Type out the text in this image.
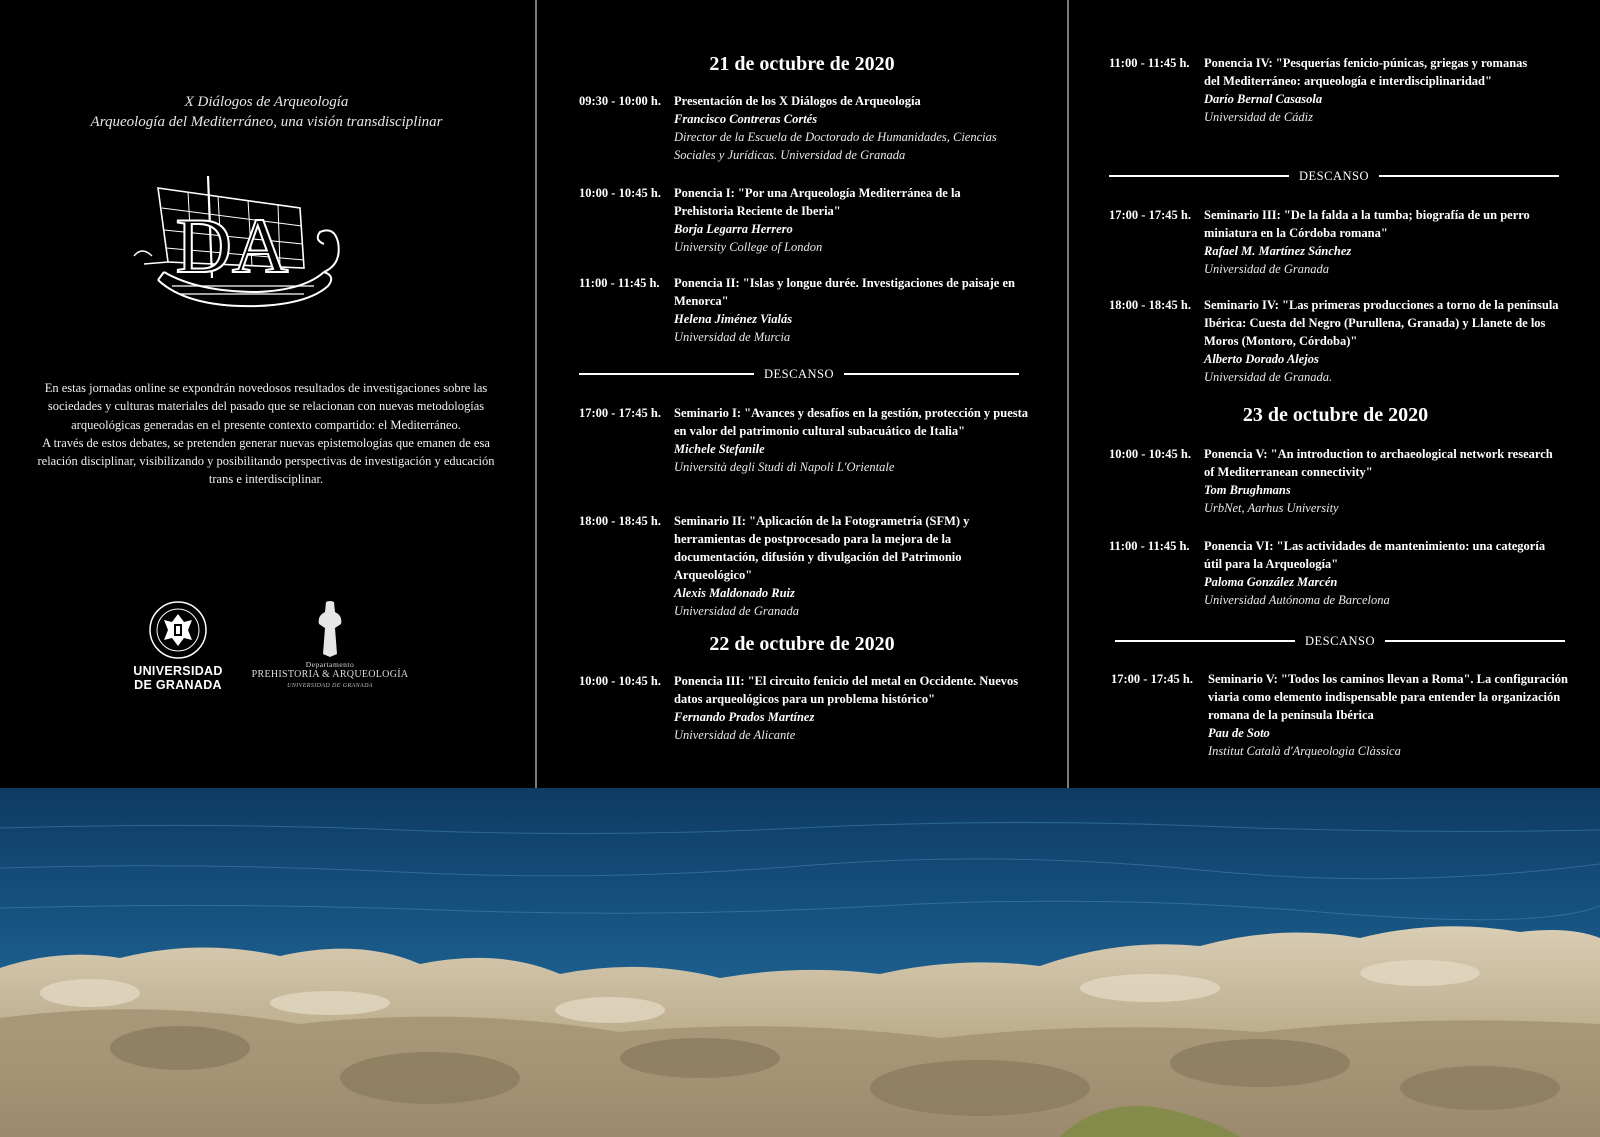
X Diálogos de Arqueología
Arqueología del Mediterráneo, una visión transdisciplinar
DA
En estas jornadas online se expondrán novedosos resultados de investigaciones sobre las sociedades y culturas materiales del pasado que se relacionan con nuevas metodologías arqueológicas generadas en el presente contexto compartido: el Mediterráneo.
A través de estos debates, se pretenden generar nuevas epistemologías que emanen de esa relación disciplinar, visibilizando y posibilitando perspectivas de investigación y educación trans e interdisciplinar.
UNIVERSIDAD
DE GRANADA
Departamento
PREHISTORIA & ARQUEOLOGÍA
UNIVERSIDAD DE GRANADA
21 de octubre de 2020
09:30 - 10:00 h. Presentación de los X Diálogos de Arqueología
Francisco Contreras Cortés
Director de la Escuela de Doctorado de Humanidades, Ciencias Sociales y Jurídicas. Universidad de Granada
10:00 - 10:45 h. Ponencia I: "Por una Arqueología Mediterránea de la Prehistoria Reciente de Iberia"
Borja Legarra Herrero
University College of London
11:00 - 11:45 h. Ponencia II: "Islas y longue durée. Investigaciones de paisaje en Menorca"
Helena Jiménez Vialás
Universidad de Murcia
DESCANSO
17:00 - 17:45 h. Seminario I: "Avances y desafíos en la gestión, protección y puesta en valor del patrimonio cultural subacuático de Italia"
Michele Stefanile
Università degli Studi di Napoli L'Orientale
18:00 - 18:45 h. Seminario II: "Aplicación de la Fotogrametría (SFM) y herramientas de postprocesado para la mejora de la documentación, difusión y divulgación del Patrimonio Arqueológico"
Alexis Maldonado Ruiz
Universidad de Granada
22 de octubre de 2020
10:00 - 10:45 h. Ponencia III: "El circuito fenicio del metal en Occidente. Nuevos datos arqueológicos para un problema histórico"
Fernando Prados Martínez
Universidad de Alicante
11:00 - 11:45 h. Ponencia IV: "Pesquerías fenicio-púnicas, griegas y romanas del Mediterráneo: arqueología e interdisciplinaridad"
Darío Bernal Casasola
Universidad de Cádiz
DESCANSO
17:00 - 17:45 h. Seminario III: "De la falda a la tumba; biografía de un perro miniatura en la Córdoba romana"
Rafael M. Martínez Sánchez
Universidad de Granada
18:00 - 18:45 h. Seminario IV: "Las primeras producciones a torno de la península Ibérica: Cuesta del Negro (Purullena, Granada) y Llanete de los Moros (Montoro, Córdoba)"
Alberto Dorado Alejos
Universidad de Granada.
23 de octubre de 2020
10:00 - 10:45 h. Ponencia V: "An introduction to archaeological network research of Mediterranean connectivity"
Tom Brughmans
UrbNet, Aarhus University
11:00 - 11:45 h. Ponencia VI: "Las actividades de mantenimiento: una categoría útil para la Arqueología"
Paloma González Marcén
Universidad Autónoma de Barcelona
DESCANSO
17:00 - 17:45 h. Seminario V: "Todos los caminos llevan a Roma". La configuración viaria como elemento indispensable para entender la organización romana de la península Ibérica
Pau de Soto
Institut Català d'Arqueologia Clàssica
